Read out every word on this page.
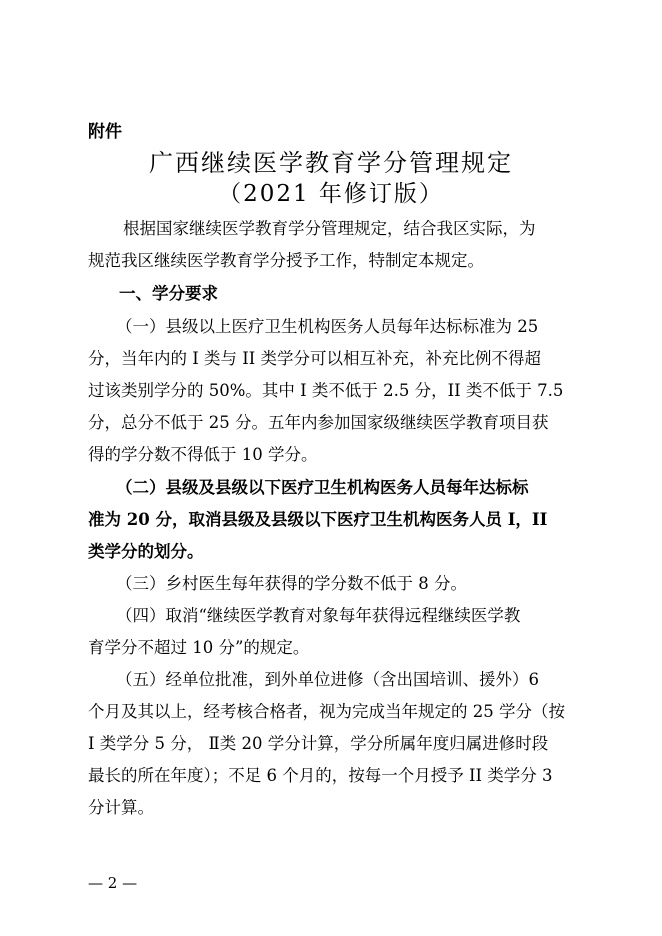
附件
广西继续医学教育学分管理规定
（2021 年修订版）
根据国家继续医学教育学分管理规定，结合我区实际，为
规范我区继续医学教育学分授予工作，特制定本规定。
一、学分要求
（一）县级以上医疗卫生机构医务人员每年达标标准为 25
分，当年内的 I 类与 II 类学分可以相互补充，补充比例不得超
过该类别学分的 50%。其中 I 类不低于 2.5 分，II 类不低于 7.5
分，总分不低于 25 分。五年内参加国家级继续医学教育项目获
得的学分数不得低于 10 学分。
（二）县级及县级以下医疗卫生机构医务人员每年达标标
准为 20 分，取消县级及县级以下医疗卫生机构医务人员 I，II
类学分的划分。
（三）乡村医生每年获得的学分数不低于 8 分。
（四）取消“继续医学教育对象每年获得远程继续医学教
育学分不超过 10 分”的规定。
（五）经单位批准，到外单位进修（含出国培训、援外）6
个月及其以上，经考核合格者，视为完成当年规定的 25 学分（按
I 类学分 5 分， Ⅱ类 20 学分计算，学分所属年度归属进修时段
最长的所在年度）；不足 6 个月的，按每一个月授予 II 类学分 3
分计算。
— 2 —
